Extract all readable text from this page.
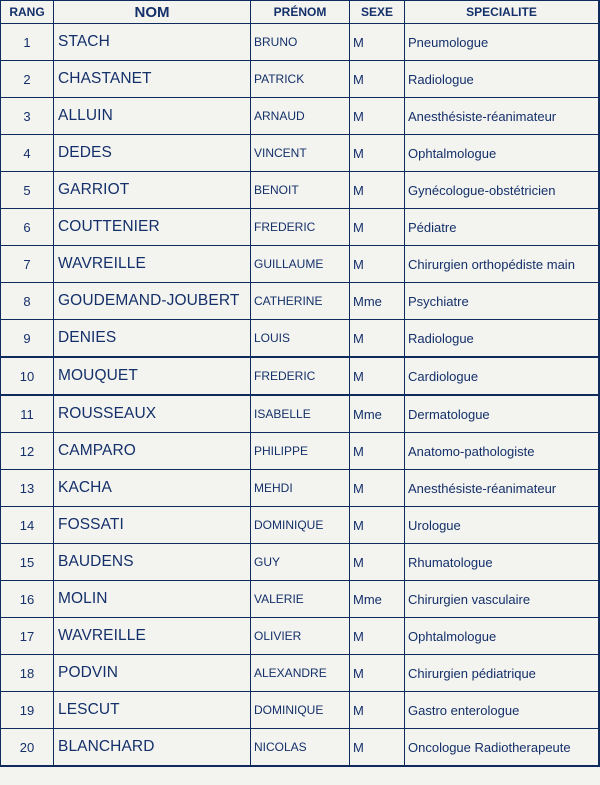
RANG	NOM	PRÉNOM	SEXE	SPECIALITE
1	STACH	BRUNO	M	Pneumologue
2	CHASTANET	PATRICK	M	Radiologue
3	ALLUIN	ARNAUD	M	Anesthésiste-réanimateur
4	DEDES	VINCENT	M	Ophtalmologue
5	GARRIOT	BENOIT	M	Gynécologue-obstétricien
6	COUTTENIER	FREDERIC	M	Pédiatre
7	WAVREILLE	GUILLAUME	M	Chirurgien orthopédiste main
8	GOUDEMAND-JOUBERT	CATHERINE	Mme	Psychiatre
9	DENIES	LOUIS	M	Radiologue
10	MOUQUET	FREDERIC	M	Cardiologue
11	ROUSSEAUX	ISABELLE	Mme	Dermatologue
12	CAMPARO	PHILIPPE	M	Anatomo-pathologiste
13	KACHA	MEHDI	M	Anesthésiste-réanimateur
14	FOSSATI	DOMINIQUE	M	Urologue
15	BAUDENS	GUY	M	Rhumatologue
16	MOLIN	VALERIE	Mme	Chirurgien vasculaire
17	WAVREILLE	OLIVIER	M	Ophtalmologue
18	PODVIN	ALEXANDRE	M	Chirurgien pédiatrique
19	LESCUT	DOMINIQUE	M	Gastro enterologue
20	BLANCHARD	NICOLAS	M	Oncologue Radiotherapeute
